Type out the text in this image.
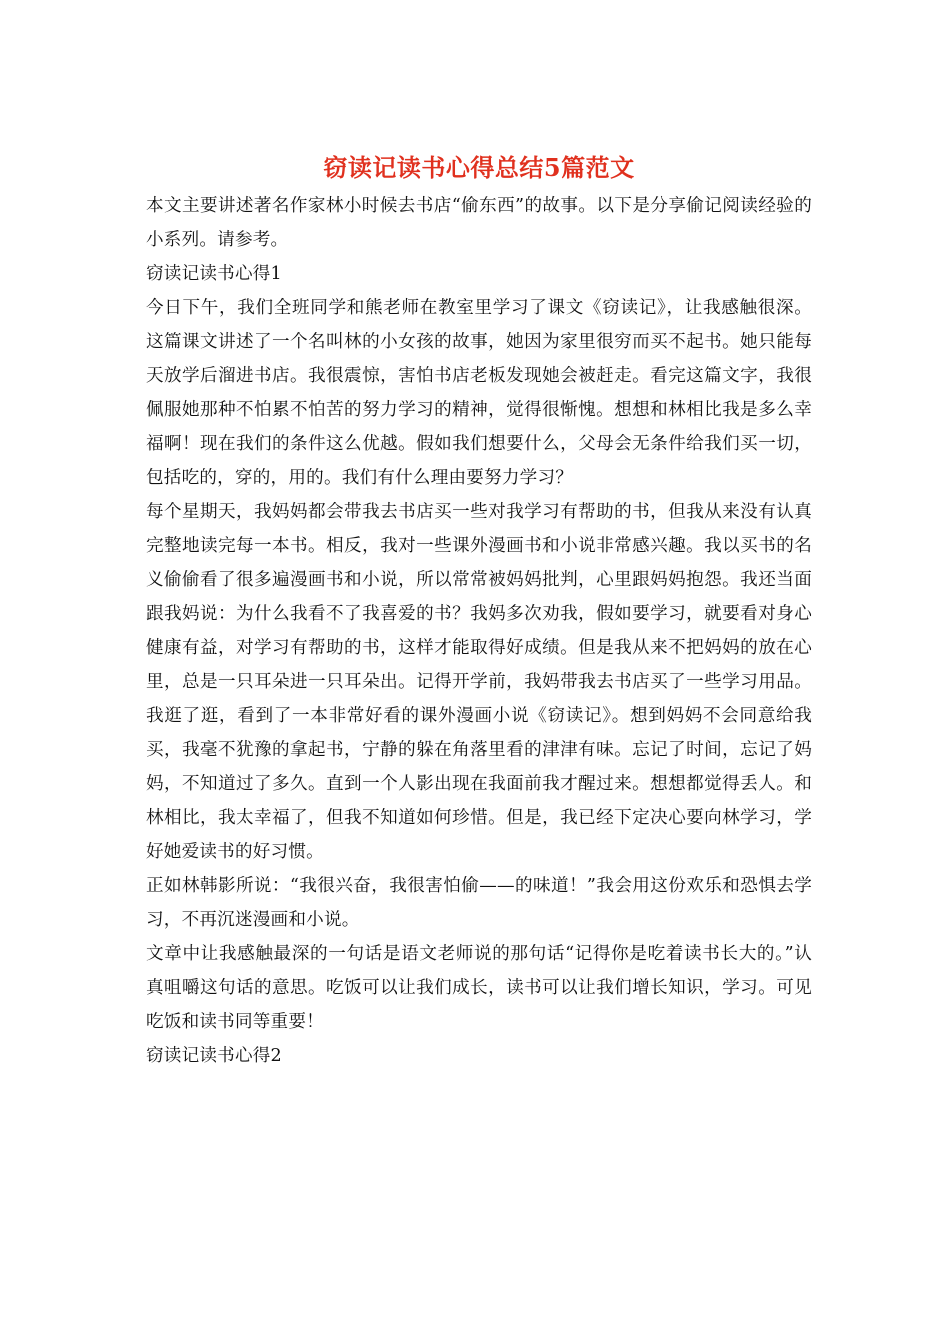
窃读记读书心得总结5篇范文

本文主要讲述著名作家林小时候去书店“偷东西”的故事。以下是分享偷记阅读经验的小系列。请参考。

窃读记读书心得1

今日下午，我们全班同学和熊老师在教室里学习了课文《窃读记》，让我感触很深。这篇课文讲述了一个名叫林的小女孩的故事，她因为家里很穷而买不起书。她只能每天放学后溜进书店。我很震惊，害怕书店老板发现她会被赶走。看完这篇文字，我很佩服她那种不怕累不怕苦的努力学习的精神，觉得很惭愧。想想和林相比我是多么幸福啊！现在我们的条件这么优越。假如我们想要什么，父母会无条件给我们买一切，包括吃的，穿的，用的。我们有什么理由要努力学习？

每个星期天，我妈妈都会带我去书店买一些对我学习有帮助的书，但我从来没有认真完整地读完每一本书。相反，我对一些课外漫画书和小说非常感兴趣。我以买书的名义偷偷看了很多遍漫画书和小说，所以常常被妈妈批判，心里跟妈妈抱怨。我还当面跟我妈说：为什么我看不了我喜爱的书？我妈多次劝我，假如要学习，就要看对身心健康有益，对学习有帮助的书，这样才能取得好成绩。但是我从来不把妈妈的放在心里，总是一只耳朵进一只耳朵出。记得开学前，我妈带我去书店买了一些学习用品。我逛了逛，看到了一本非常好看的课外漫画小说《窃读记》。想到妈妈不会同意给我买，我毫不犹豫的拿起书，宁静的躲在角落里看的津津有味。忘记了时间，忘记了妈妈，不知道过了多久。直到一个人影出现在我面前我才醒过来。想想都觉得丢人。和林相比，我太幸福了，但我不知道如何珍惜。但是，我已经下定决心要向林学习，学好她爱读书的好习惯。

正如林韩影所说：“我很兴奋，我很害怕偷——的味道！”我会用这份欢乐和恐惧去学习，不再沉迷漫画和小说。

文章中让我感触最深的一句话是语文老师说的那句话“记得你是吃着读书长大的。”认真咀嚼这句话的意思。吃饭可以让我们成长，读书可以让我们增长知识，学习。可见吃饭和读书同等重要！

窃读记读书心得2
